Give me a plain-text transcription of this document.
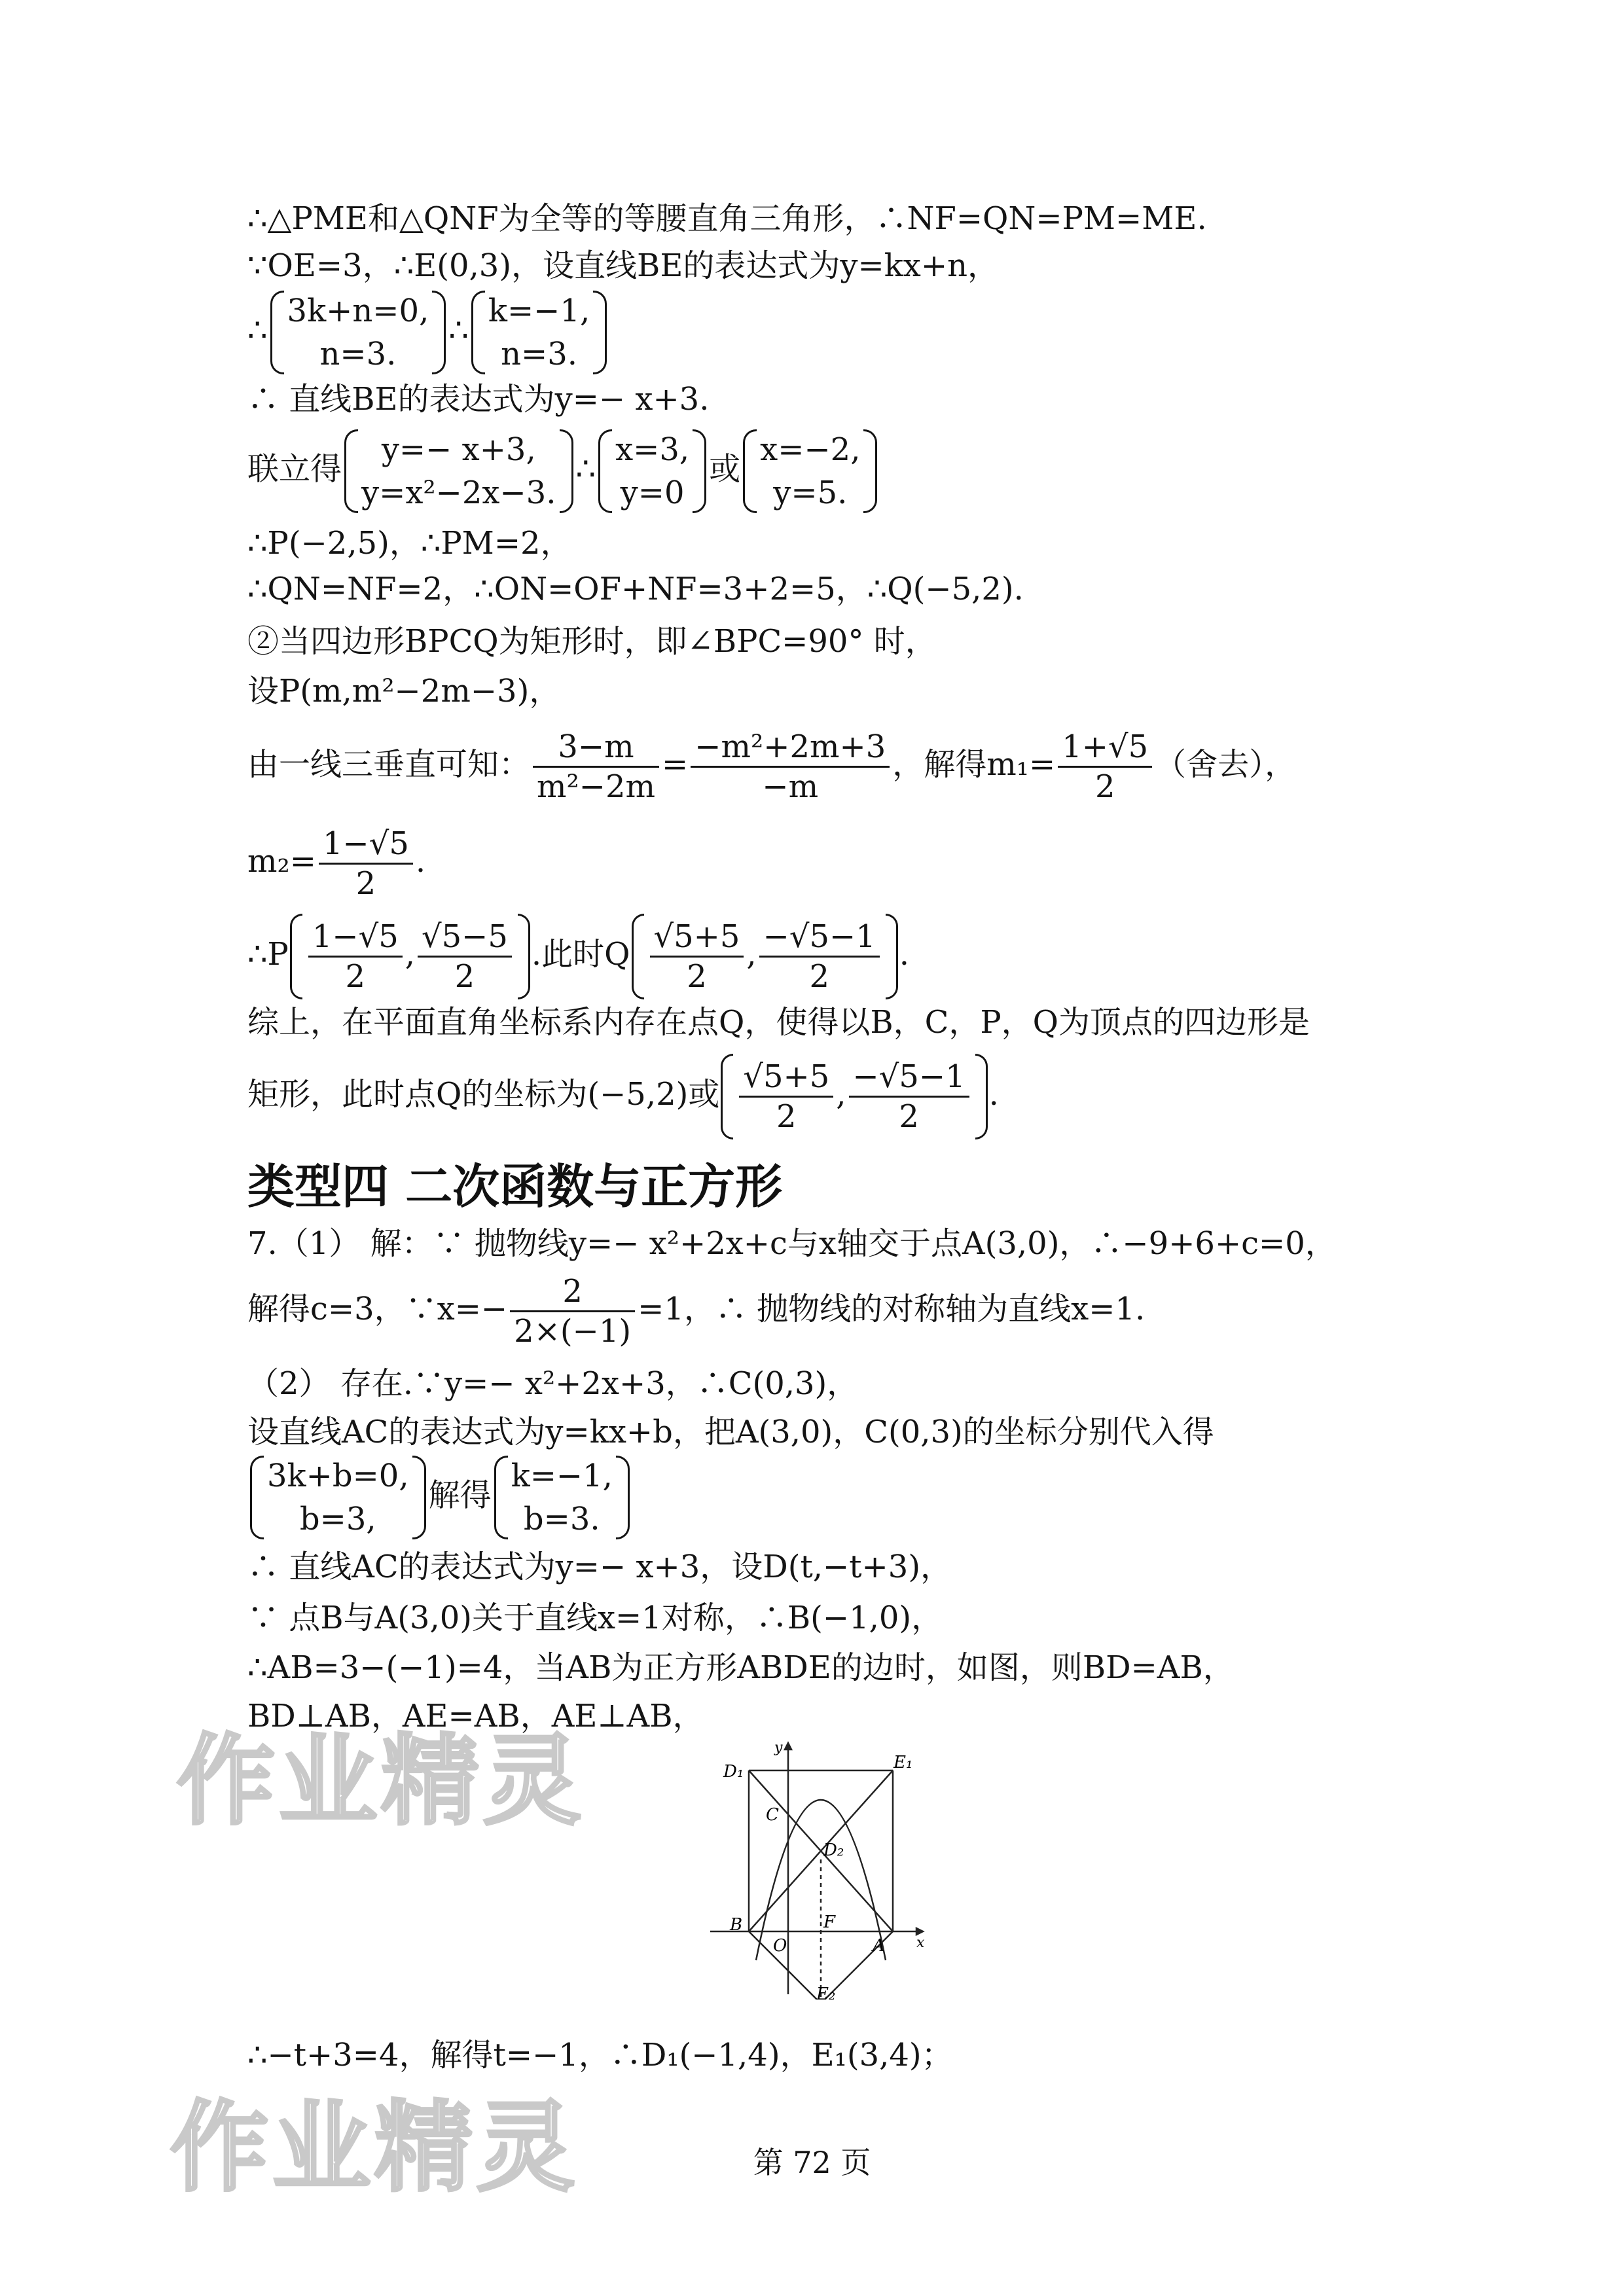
作业精灵
作业精灵
∴△PME和△QNF为全等的等腰直角三角形，∴NF=QN=PM=ME.
∵OE=3，∴E(0,3)，设直线BE的表达式为y=kx+n，
∴
3k+n=0,
n=3.
∴
k=−1,
n=3.
∴ 直线BE的表达式为y=− x+3.
联立得
y=− x+3,
y=x²−2x−3.
∴
x=3,
y=0
或
x=−2,
y=5.
∴P(−2,5)，∴PM=2，
∴QN=NF=2，∴ON=OF+NF=3+2=5，∴Q(−5,2).
②当四边形BPCQ为矩形时，即∠BPC=90° 时，
设P(m,m²−2m−3)，
由一线三垂直可知： $\frac{3-m}{\text{m²−2m}} = \frac{\text{−m²+2m+3}}{-m}$ ，解得$m_1= \frac{1+√5}{2}$ （舍去），
$m_2= \frac{1-√5}{2}$ .
∴P $\frac{1-√5}{2}$ , $\frac{√5-5}{2}$ .此时Q $\frac{√5+5}{2}$ , $\frac{-√5-1}{2}$ .
综上，在平面直角坐标系内存在点Q，使得以B，C，P，Q为顶点的四边形是
矩形，此时点Q的坐标为(−5,2)或 $\frac{√5+5}{2}$ , $\frac{-√5-1}{2}$ .
类型四 二次函数与正方形
7.（1） 解：∵ 抛物线y=− x²+2x+c与x轴交于点A(3,0)，∴−9+6+c=0，
解得c=3，∵x=− $\frac{2}{2\times(-1)} =1$，∴ 抛物线的对称轴为直线x=1.
（2） 存在.∵y=− x²+2x+3，∴C(0,3)，
设直线AC的表达式为y=kx+b，把A(3,0)，C(0,3)的坐标分别代入得
3k+b=0,
b=3,
解得
k=−1,
b=3.
∴ 直线AC的表达式为y=− x+3，设D(t,−t+3)，
∵ 点B与A(3,0)关于直线x=1对称，∴B(−1,0)，
∴AB=3−(−1)=4，当AB为正方形ABDE的边时，如图，则BD=AB，
BD⊥AB，AE=AB，AE⊥AB，
y
x
D₁	E₁
C
D₂
B
O
F
A
E₂
∴−t+3=4，解得t=−1，∴D₁(−1,4)，E₁(3,4)；
第 72 页
